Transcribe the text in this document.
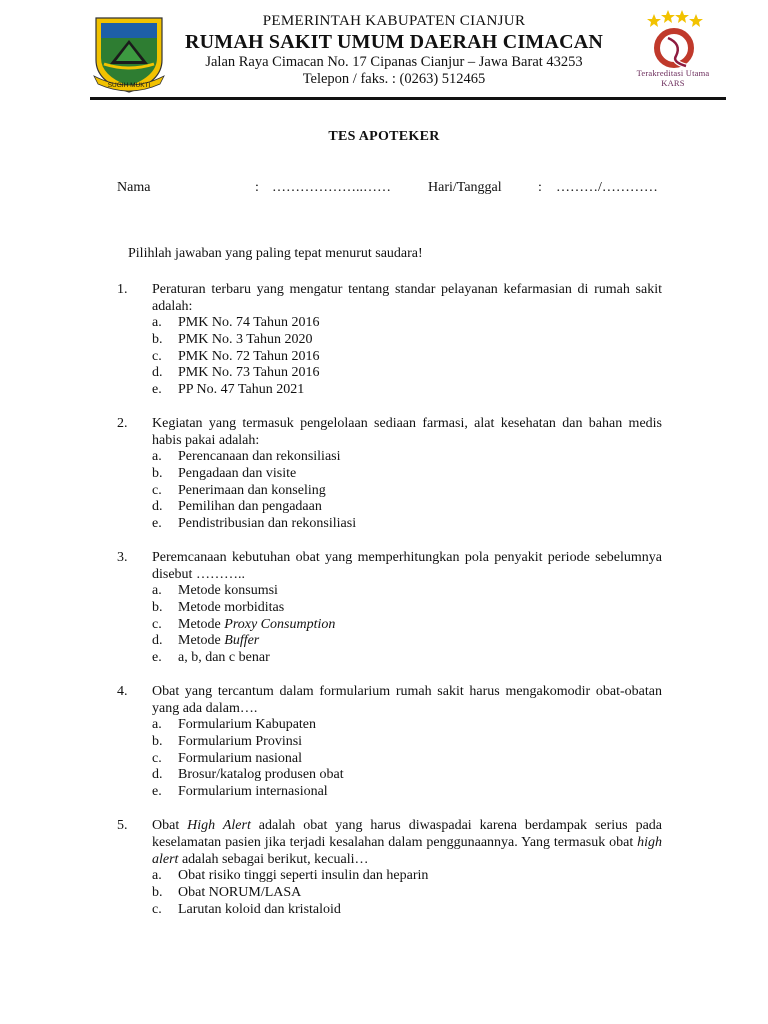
SUGIH MUKTI
PEMERINTAH KABUPATEN CIANJUR
RUMAH SAKIT UMUM DAERAH CIMACAN
Jalan Raya Cimacan No. 17 Cipanas Cianjur – Jawa Barat 43253
Telepon / faks. : (0263) 512465	Terakreditasi Utama
KARS
TES APOTEKER
Nama	: ………………..……	Hari/Tanggal	: ………/…………
Pilihlah jawaban yang paling tepat menurut saudara!
1. Peraturan terbaru yang mengatur tentang standar pelayanan kefarmasian di rumah sakit adalah:
a. PMK No. 74 Tahun 2016
b. PMK No. 3 Tahun 2020
c. PMK No. 72 Tahun 2016
d. PMK No. 73 Tahun 2016
e. PP No. 47 Tahun 2021
2. Kegiatan yang termasuk pengelolaan sediaan farmasi, alat kesehatan dan bahan medis habis pakai adalah:
a. Perencanaan dan rekonsiliasi
b. Pengadaan dan visite
c. Penerimaan dan konseling
d. Pemilihan dan pengadaan
e. Pendistribusian dan rekonsiliasi
3. Peremcanaan kebutuhan obat yang memperhitungkan pola penyakit periode sebelumnya disebut ………..
a. Metode konsumsi
b. Metode morbiditas
c. Metode Proxy Consumption
d. Metode Buffer
e. a, b, dan c benar
4. Obat yang tercantum dalam formularium rumah sakit harus mengakomodir obat-obatan yang ada dalam….
a. Formularium Kabupaten
b. Formularium Provinsi
c. Formularium nasional
d. Brosur/katalog produsen obat
e. Formularium internasional
5. Obat High Alert adalah obat yang harus diwaspadai karena berdampak serius pada keselamatan pasien jika terjadi kesalahan dalam penggunaannya. Yang termasuk obat high alert adalah sebagai berikut, kecuali…
a. Obat risiko tinggi seperti insulin dan heparin
b. Obat NORUM/LASA
c. Larutan koloid dan kristaloid
